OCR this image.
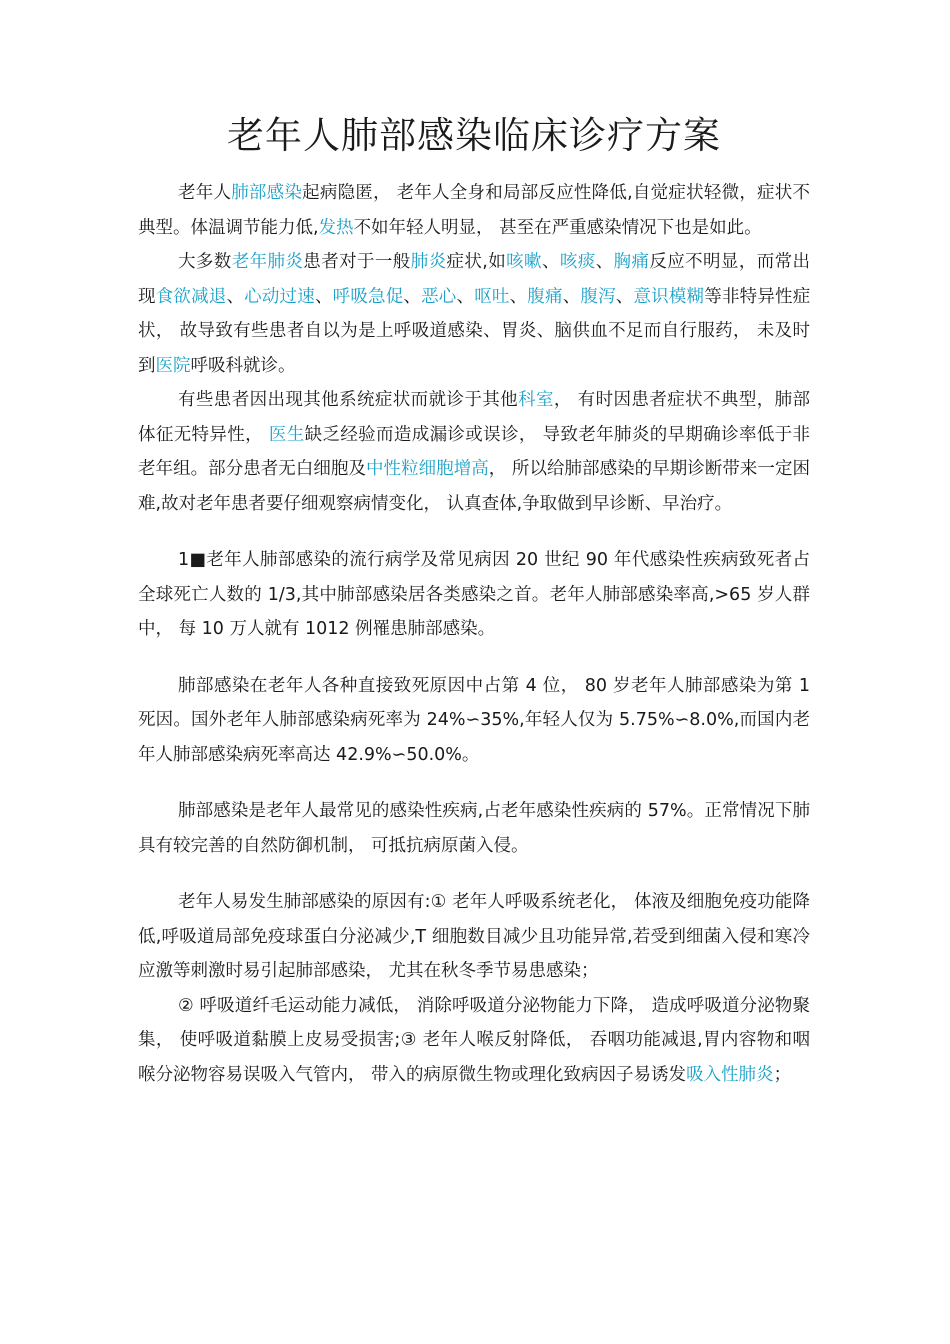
老年人肺部感染临床诊疗方案

老年人肺部感染起病隐匿， 老年人全身和局部反应性降低,自觉症状轻微，症状不典型。体温调节能力低,发热不如年轻人明显， 甚至在严重感染情况下也是如此。

大多数老年肺炎患者对于一般肺炎症状,如咳嗽、咳痰、胸痛反应不明显，而常出现食欲减退、心动过速、呼吸急促、恶心、呕吐、腹痛、腹泻、意识模糊等非特异性症状， 故导致有些患者自以为是上呼吸道感染、胃炎、脑供血不足而自行服药， 未及时到医院呼吸科就诊。

有些患者因出现其他系统症状而就诊于其他科室， 有时因患者症状不典型，肺部体征无特异性， 医生缺乏经验而造成漏诊或误诊， 导致老年肺炎的早期确诊率低于非老年组。部分患者无白细胞及中性粒细胞增高， 所以给肺部感染的早期诊断带来一定困难,故对老年患者要仔细观察病情变化， 认真查体,争取做到早诊断、早治疗。

1■老年人肺部感染的流行病学及常见病因 20 世纪 90 年代感染性疾病致死者占全球死亡人数的 1/3,其中肺部感染居各类感染之首。老年人肺部感染率高,>65 岁人群中， 每 10 万人就有 1012 例罹患肺部感染。

肺部感染在老年人各种直接致死原因中占第 4 位， 80 岁老年人肺部感染为第 1 死因。国外老年人肺部感染病死率为 24%∽35%,年轻人仅为 5.75%∽8.0%,而国内老年人肺部感染病死率高达 42.9%∽50.0%。

肺部感染是老年人最常见的感染性疾病,占老年感染性疾病的 57%。正常情况下肺具有较完善的自然防御机制， 可抵抗病原菌入侵。

老年人易发生肺部感染的原因有:① 老年人呼吸系统老化， 体液及细胞免疫功能降低,呼吸道局部免疫球蛋白分泌减少,T 细胞数目减少且功能异常,若受到细菌入侵和寒冷应激等刺激时易引起肺部感染， 尤其在秋冬季节易患感染；

② 呼吸道纤毛运动能力减低， 消除呼吸道分泌物能力下降， 造成呼吸道分泌物聚集， 使呼吸道黏膜上皮易受损害;③ 老年人喉反射降低， 吞咽功能减退,胃内容物和咽喉分泌物容易误吸入气管内， 带入的病原微生物或理化致病因子易诱发吸入性肺炎；
